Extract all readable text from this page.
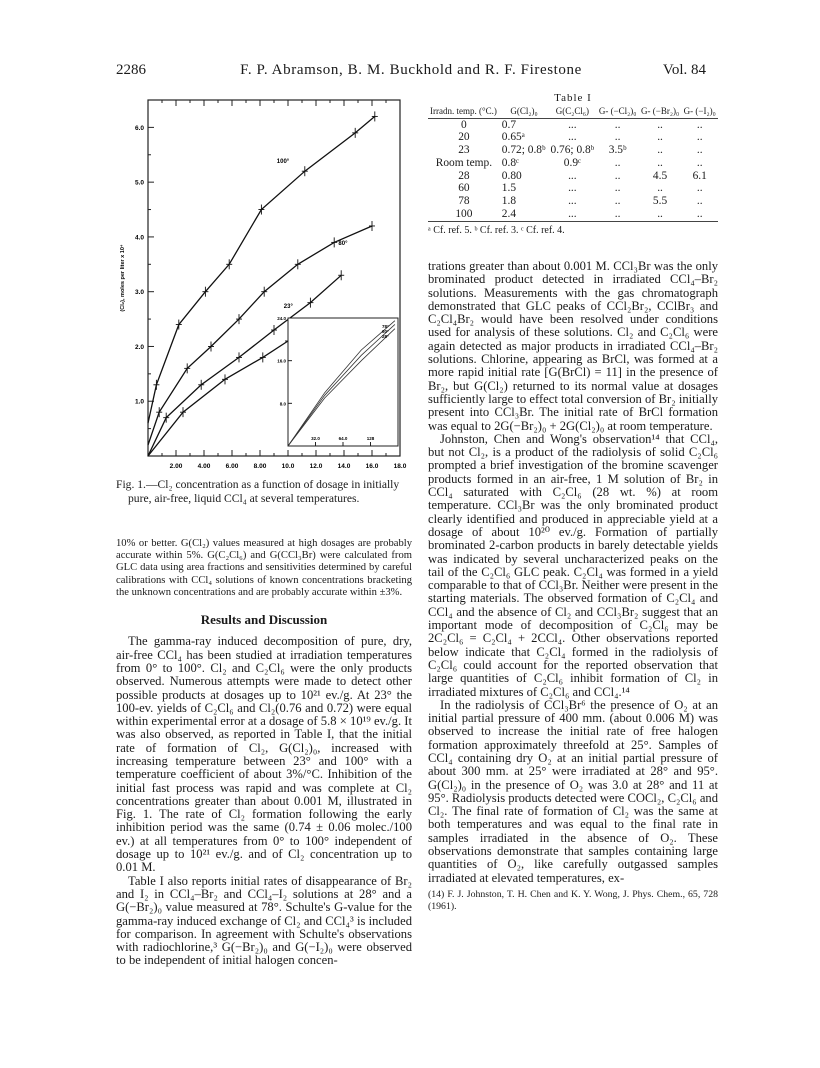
2286	F. P. Abramson, B. M. Buckhold and R. F. Firestone	Vol. 84
2.00 4.00 6.00 8.00 10.0 12.0 14.0 16.0 18.0
1.0
2.0
3.0
4.0
5.0
6.0
(Cl₂), moles per liter x 10⁴
100°
80°
23°
8.0
16.0
24.0
32.0	64.0	128
78°
60°
28°
Fig. 1.—Cl₂ concentration as a function of dosage in initially pure, air-free, liquid CCl₄ at several temperatures.
Table I
Irradn. temp. (°C.)	G(Cl₂)₀	G(C₂Cl₆)	G- (−Cl₂)₀	G- (−Br₂)₀	G- (−I₂)₀
0	0.7	...	..	..	..
20	0.65ᵃ	...	..	..	..
23	0.72; 0.8ᵇ	0.76; 0.8ᵇ	3.5ᵇ	..	..
Room temp.	0.8ᶜ	0.9ᶜ	..	..	..
28	0.80	...	..	4.5	6.1
60	1.5	...	..	..	..
78	1.8	...	..	5.5	..
100	2.4	...	..	..	..
ᵃ Cf. ref. 5. ᵇ Cf. ref. 3. ᶜ Cf. ref. 4.

10% or better. G(Cl₂) values measured at high dosages are probably accurate within 5%. G(C₂Cl₆) and G(CCl₃Br) were calculated from GLC data using area fractions and sensitivities determined by careful calibrations with CCl₄ solutions of known concentrations bracketing the unknown concentrations and are probably accurate within ±3%.

Results and Discussion

The gamma-ray induced decomposition of pure, dry, air-free CCl₄ has been studied at irradiation temperatures from 0° to 100°. Cl₂ and C₂Cl₆ were the only products observed. Numerous attempts were made to detect other possible products at dosages up to 10²¹ ev./g. At 23° the 100-ev. yields of C₂Cl₆ and Cl₂(0.76 and 0.72) were equal within experimental error at a dosage of 5.8 × 10¹⁹ ev./g. It was also observed, as reported in Table I, that the initial rate of formation of Cl₂, G(Cl₂)₀, increased with increasing temperature between 23° and 100° with a temperature coefficient of about 3%/°C. Inhibition of the initial fast process was rapid and was complete at Cl₂ concentrations greater than about 0.001 M, illustrated in Fig. 1. The rate of Cl₂ formation following the early inhibition period was the same (0.74 ± 0.06 molec./100 ev.) at all temperatures from 0° to 100° independent of dosage up to 10²¹ ev./g. and of Cl₂ concentration up to 0.01 M.

Table I also reports initial rates of disappearance of Br₂ and I₂ in CCl₄–Br₂ and CCl₄–I₂ solutions at 28° and a G(−Br₂)₀ value measured at 78°. Schulte's G-value for the gamma-ray induced exchange of Cl₂ and CCl₄³ is included for comparison. In agreement with Schulte's observations with radiochlorine,³ G(−Br₂)₀ and G(−I₂)₀ were observed to be independent of initial halogen concen-

trations greater than about 0.001 M. CCl₃Br was the only brominated product detected in irradiated CCl₄–Br₂ solutions. Measurements with the gas chromatograph demonstrated that GLC peaks of CCl₂Br₂, CClBr₃ and C₂Cl₄Br₂ would have been resolved under conditions used for analysis of these solutions. Cl₂ and C₂Cl₆ were again detected as major products in irradiated CCl₄–Br₂ solutions. Chlorine, appearing as BrCl, was formed at a more rapid initial rate [G(BrCl) = 11] in the presence of Br₂, but G(Cl₂) returned to its normal value at dosages sufficiently large to effect total conversion of Br₂ initially present into CCl₃Br. The initial rate of BrCl formation was equal to 2G(−Br₂)₀ + 2G(Cl₂)₀ at room temperature.

Johnston, Chen and Wong's observation¹⁴ that CCl₄, but not Cl₂, is a product of the radiolysis of solid C₂Cl₆ prompted a brief investigation of the bromine scavenger products formed in an air-free, 1 M solution of Br₂ in CCl₄ saturated with C₂Cl₆ (28 wt. %) at room temperature. CCl₃Br was the only brominated product clearly identified and produced in appreciable yield at a dosage of about 10²⁰ ev./g. Formation of partially brominated 2-carbon products in barely detectable yields was indicated by several uncharacterized peaks on the tail of the C₂Cl₆ GLC peak. C₂Cl₄ was formed in a yield comparable to that of CCl₃Br. Neither were present in the starting materials. The observed formation of C₂Cl₄ and CCl₄ and the absence of Cl₂ and CCl₃Br₂ suggest that an important mode of decomposition of C₂Cl₆ may be 2C₂Cl₆ = C₂Cl₄ + 2CCl₄. Other observations reported below indicate that C₂Cl₄ formed in the radiolysis of C₂Cl₆ could account for the reported observation that large quantities of C₂Cl₆ inhibit formation of Cl₂ in irradiated mixtures of C₂Cl₆ and CCl₄.¹⁴

In the radiolysis of CCl₃Br⁶ the presence of O₂ at an initial partial pressure of 400 mm. (about 0.006 M) was observed to increase the initial rate of free halogen formation approximately threefold at 25°. Samples of CCl₄ containing dry O₂ at an initial partial pressure of about 300 mm. at 25° were irradiated at 28° and 95°. G(Cl₂)₀ in the presence of O₂ was 3.0 at 28° and 11 at 95°. Radiolysis products detected were COCl₂, C₂Cl₆ and Cl₂. The final rate of formation of Cl₂ was the same at both temperatures and was equal to the final rate in samples irradiated in the absence of O₂. These observations demonstrate that samples containing large quantities of O₂, like carefully outgassed samples irradiated at elevated temperatures, ex-

(14) F. J. Johnston, T. H. Chen and K. Y. Wong, J. Phys. Chem., 65, 728 (1961).
